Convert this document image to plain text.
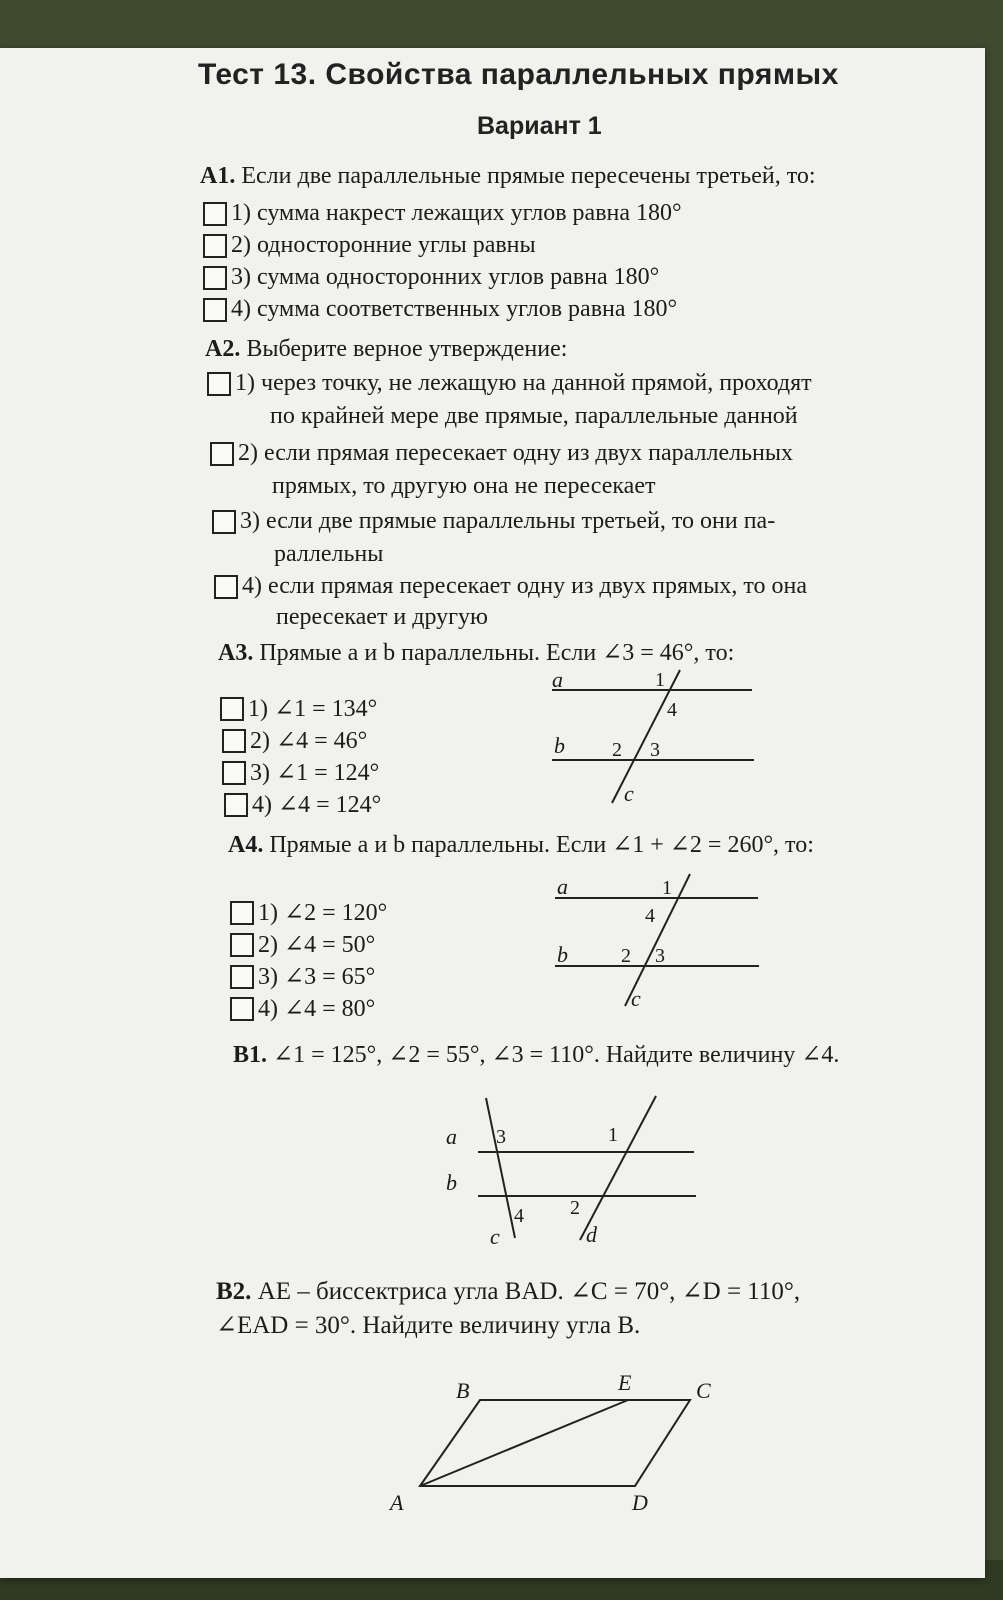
Тест 13. Свойства параллельных прямых
Вариант 1
А1. Если две параллельные прямые пересечены третьей, то:
1) сумма накрест лежащих углов равна 180°
2) односторонние углы равны
3) сумма односторонних углов равна 180°
4) сумма соответственных углов равна 180°
А2. Выберите верное утверждение:
1) через точку, не лежащую на данной прямой, проходят
по крайней мере две прямые, параллельные данной
2) если прямая пересекает одну из двух параллельных
прямых, то другую она не пересекает
3) если две прямые параллельны третьей, то они па-
раллельны
4) если прямая пересекает одну из двух прямых, то она
пересекает и другую
А3. Прямые a и b параллельны. Если ∠3 = 46°, то:
1) ∠1 = 134°
2) ∠4 = 46°
3) ∠1 = 124°
4) ∠4 = 124°
a
b
c
1
4
2 3
А4. Прямые a и b параллельны. Если ∠1 + ∠2 = 260°, то:
1) ∠2 = 120°
2) ∠4 = 50°
3) ∠3 = 65°
4) ∠4 = 80°
a
b
c
1
4
2 3
В1. ∠1 = 125°, ∠2 = 55°, ∠3 = 110°. Найдите величину ∠4.
a
b
c	d
3	1
4 2
В2. AE – биссектриса угла BAD. ∠C = 70°, ∠D = 110°,
∠EAD = 30°. Найдите величину угла B.
A
B	E	C
D
